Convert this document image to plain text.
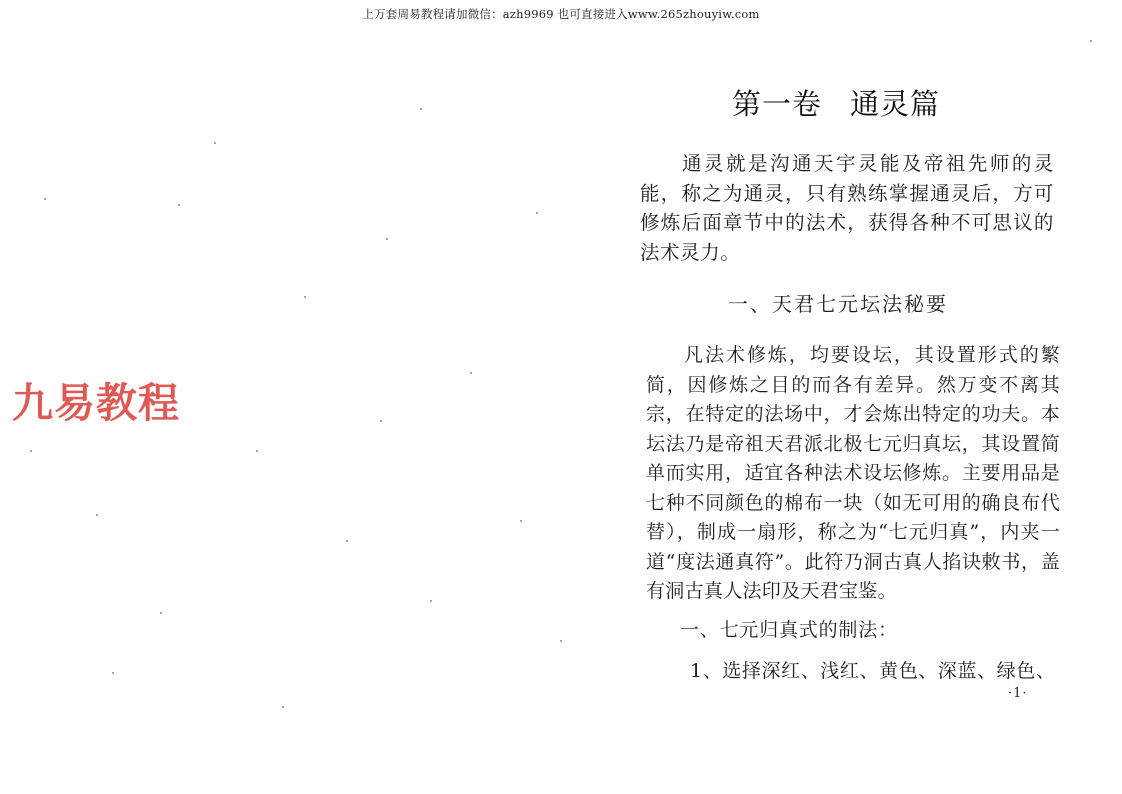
上万套周易教程请加微信：azh9969 也可直接进入www.265zhouyiw.com
九易教程
第一卷 通灵篇

通灵就是沟通天宇灵能及帝祖先师的灵能，称之为通灵，只有熟练掌握通灵后，方可修炼后面章节中的法术，获得各种不可思议的法术灵力。

一、天君七元坛法秘要

凡法术修炼，均要设坛，其设置形式的繁简，因修炼之目的而各有差异。然万变不离其宗，在特定的法场中，才会炼出特定的功夫。本坛法乃是帝祖天君派北极七元归真坛，其设置简单而实用，适宜各种法术设坛修炼。主要用品是七种不同颜色的棉布一块（如无可用的确良布代替），制成一扇形，称之为“七元归真”，内夹一道“度法通真符”。此符乃洞古真人掐诀敕书，盖有洞古真人法印及天君宝鉴。

一、七元归真式的制法：
1、选择深红、浅红、黄色、深蓝、绿色、
·1·
